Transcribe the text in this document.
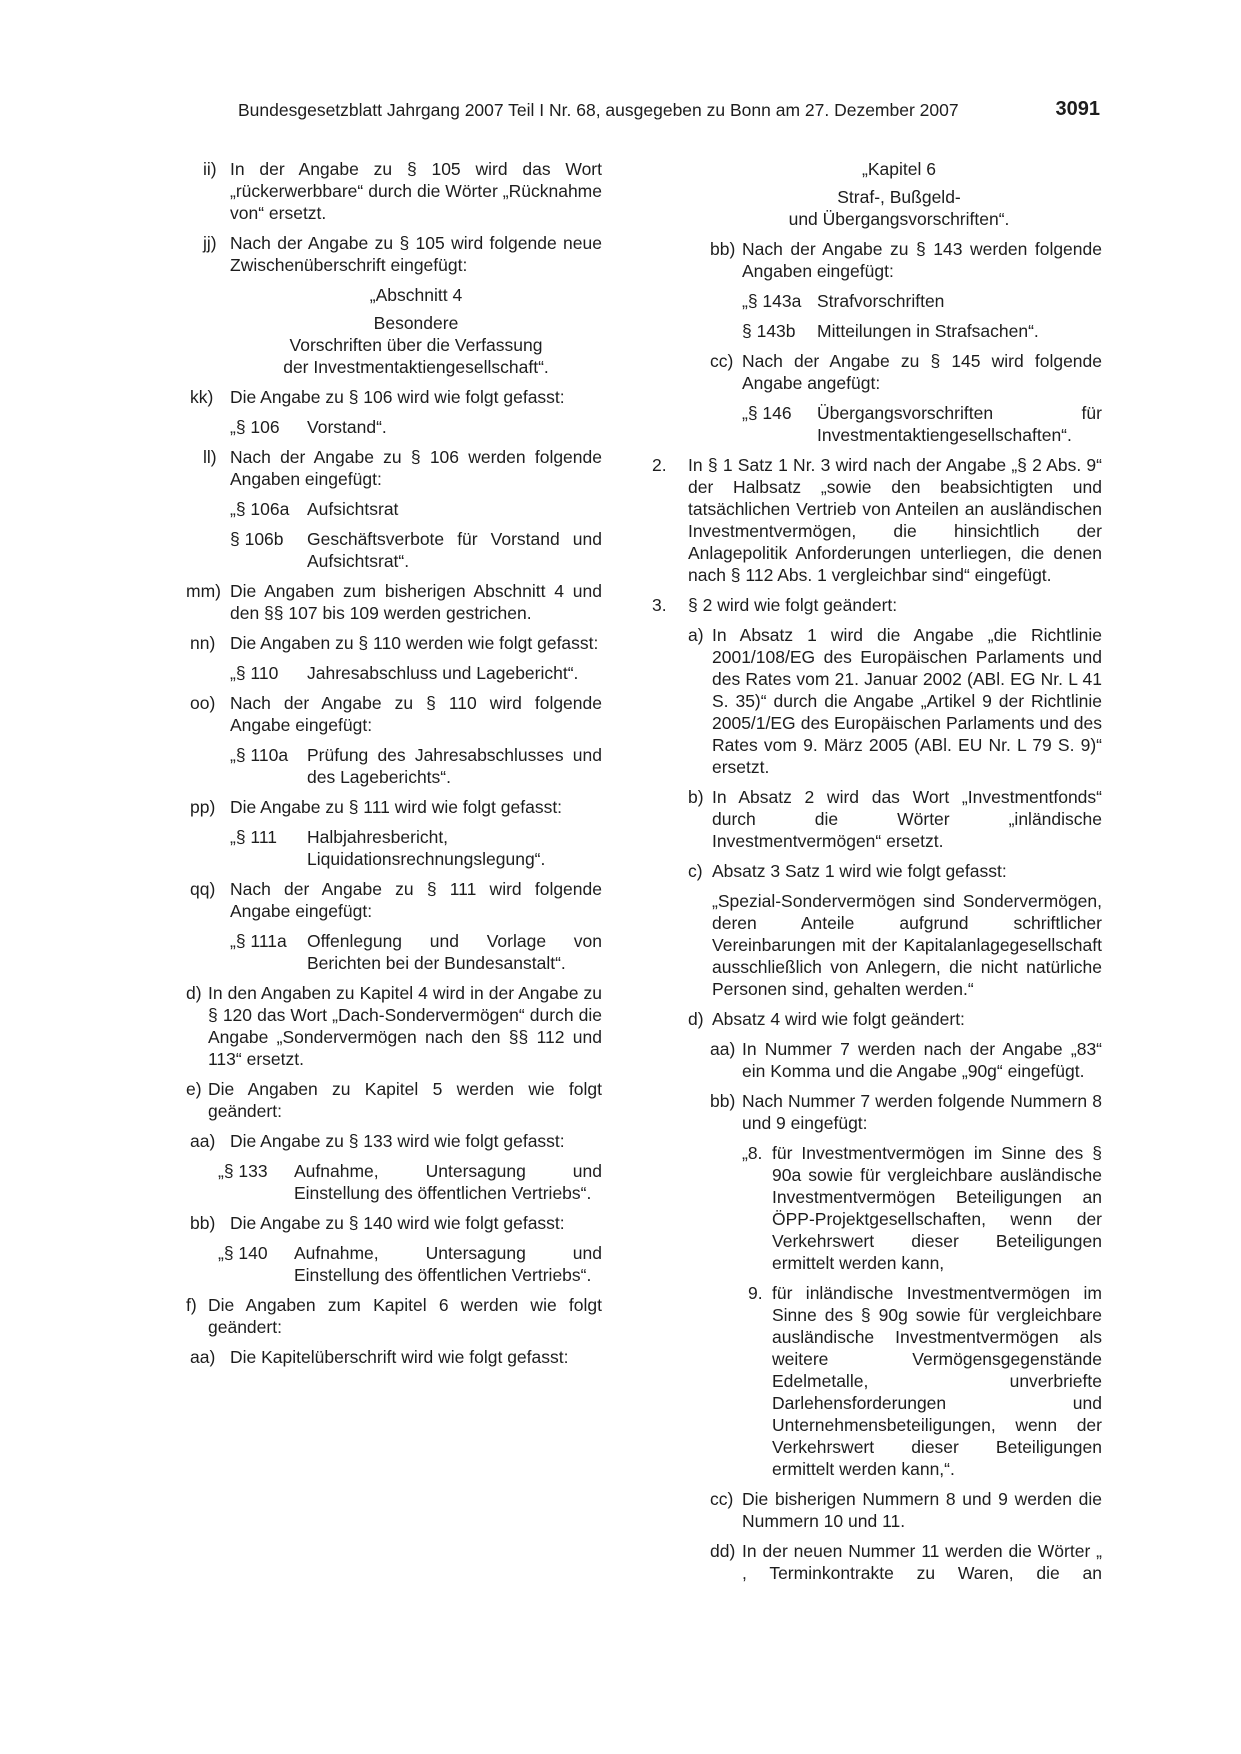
Bundesgesetzblatt Jahrgang 2007 Teil I Nr. 68, ausgegeben zu Bonn am 27. Dezember 2007	3091
ii) In der Angabe zu § 105 wird das Wort „rückerwerbbare“ durch die Wörter „Rücknahme von“ ersetzt.
jj) Nach der Angabe zu § 105 wird folgende neue Zwischenüberschrift eingefügt:
„Abschnitt 4
Besondere
Vorschriften über die Verfassung
der Investmentaktiengesellschaft“.
kk) Die Angabe zu § 106 wird wie folgt gefasst:
„§ 106	Vorstand“.
ll) Nach der Angabe zu § 106 werden folgende Angaben eingefügt:
„§ 106a	Aufsichtsrat
§ 106b	Geschäftsverbote für Vorstand und Aufsichtsrat“.
mm) Die Angaben zum bisherigen Abschnitt 4 und den §§ 107 bis 109 werden gestrichen.
nn) Die Angaben zu § 110 werden wie folgt gefasst:
„§ 110	Jahresabschluss und Lagebericht“.
oo) Nach der Angabe zu § 110 wird folgende Angabe eingefügt:
„§ 110a	Prüfung des Jahresabschlusses und des Lageberichts“.
pp) Die Angabe zu § 111 wird wie folgt gefasst:
„§ 111	Halbjahresbericht, Liquidationsrechnungslegung“.
qq) Nach der Angabe zu § 111 wird folgende Angabe eingefügt:
„§ 111a	Offenlegung und Vorlage von Berichten bei der Bundesanstalt“.
d) In den Angaben zu Kapitel 4 wird in der Angabe zu § 120 das Wort „Dach-Sondervermögen“ durch die Angabe „Sondervermögen nach den §§ 112 und 113“ ersetzt.
e) Die Angaben zu Kapitel 5 werden wie folgt geändert:
aa) Die Angabe zu § 133 wird wie folgt gefasst:
„§ 133	Aufnahme, Untersagung und Einstellung des öffentlichen Vertriebs“.
bb) Die Angabe zu § 140 wird wie folgt gefasst:
„§ 140	Aufnahme, Untersagung und Einstellung des öffentlichen Vertriebs“.
f) Die Angaben zum Kapitel 6 werden wie folgt geändert:
aa) Die Kapitelüberschrift wird wie folgt gefasst:
„Kapitel 6
Straf-, Bußgeld-
und Übergangsvorschriften“.
bb) Nach der Angabe zu § 143 werden folgende Angaben eingefügt:
„§ 143a Strafvorschriften
§ 143b	Mitteilungen in Strafsachen“.
cc) Nach der Angabe zu § 145 wird folgende Angabe angefügt:
„§ 146	Übergangsvorschriften für Investmentaktiengesellschaften“.
2. In § 1 Satz 1 Nr. 3 wird nach der Angabe „§ 2 Abs. 9“ der Halbsatz „sowie den beabsichtigten und tatsächlichen Vertrieb von Anteilen an ausländischen Investmentvermögen, die hinsichtlich der Anlagepolitik Anforderungen unterliegen, die denen nach § 112 Abs. 1 vergleichbar sind“ eingefügt.
3. § 2 wird wie folgt geändert:
a) In Absatz 1 wird die Angabe „die Richtlinie 2001/108/EG des Europäischen Parlaments und des Rates vom 21. Januar 2002 (ABl. EG Nr. L 41 S. 35)“ durch die Angabe „Artikel 9 der Richtlinie 2005/1/EG des Europäischen Parlaments und des Rates vom 9. März 2005 (ABl. EU Nr. L 79 S. 9)“ ersetzt.
b) In Absatz 2 wird das Wort „Investmentfonds“ durch die Wörter „inländische Investmentvermögen“ ersetzt.
c) Absatz 3 Satz 1 wird wie folgt gefasst:
„Spezial-Sondervermögen sind Sondervermögen, deren Anteile aufgrund schriftlicher Vereinbarungen mit der Kapitalanlagegesellschaft ausschließlich von Anlegern, die nicht natürliche Personen sind, gehalten werden.“
d) Absatz 4 wird wie folgt geändert:
aa) In Nummer 7 werden nach der Angabe „83“ ein Komma und die Angabe „90g“ eingefügt.
bb) Nach Nummer 7 werden folgende Nummern 8 und 9 eingefügt:
„8. für Investmentvermögen im Sinne des § 90a sowie für vergleichbare ausländische Investmentvermögen Beteiligungen an ÖPP-Projektgesellschaften, wenn der Verkehrswert dieser Beteiligungen ermittelt werden kann,
9. für inländische Investmentvermögen im Sinne des § 90g sowie für vergleichbare ausländische Investmentvermögen als weitere Vermögensgegenstände Edelmetalle, unverbriefte Darlehensforderungen und Unternehmensbeteiligungen, wenn der Verkehrswert dieser Beteiligungen ermittelt werden kann,“.
cc) Die bisherigen Nummern 8 und 9 werden die Nummern 10 und 11.
dd) In der neuen Nummer 11 werden die Wörter „ , Terminkontrakte zu Waren, die an
